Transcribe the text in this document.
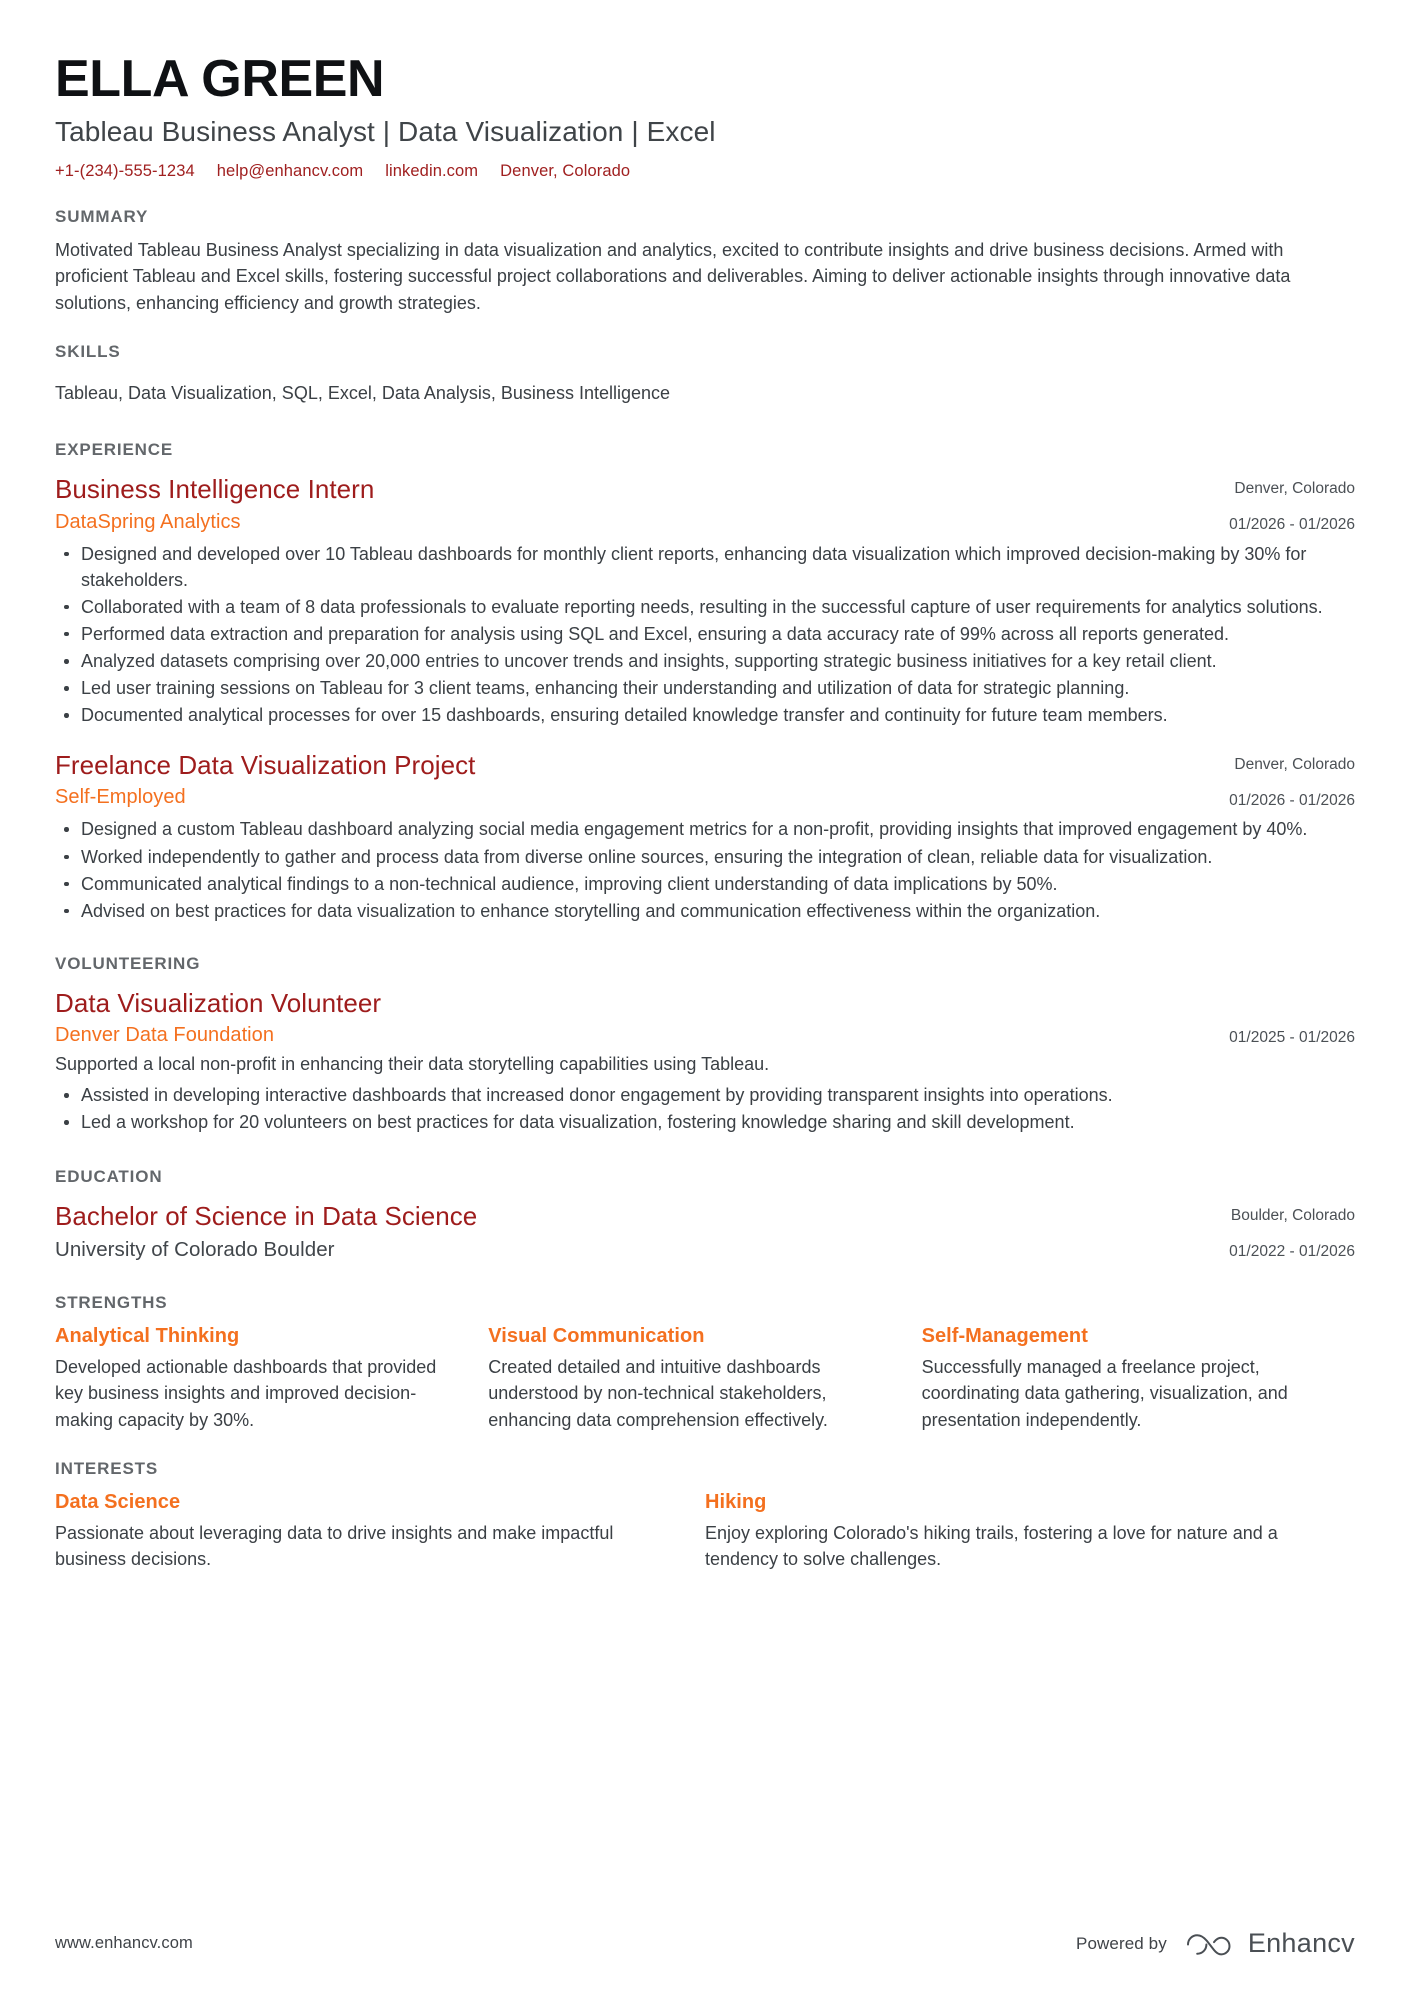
ELLA GREEN
Tableau Business Analyst | Data Visualization | Excel
+1-(234)-555-1234 help@enhancv.com linkedin.com Denver, Colorado
SUMMARY

Motivated Tableau Business Analyst specializing in data visualization and analytics, excited to contribute insights and drive business decisions. Armed with proficient Tableau and Excel skills, fostering successful project collaborations and deliverables. Aiming to deliver actionable insights through innovative data solutions, enhancing efficiency and growth strategies.

SKILLS

Tableau, Data Visualization, SQL, Excel, Data Analysis, Business Intelligence

EXPERIENCE
Business Intelligence Intern
DataSpring Analytics
Denver, Colorado
01/2026 - 01/2026
Designed and developed over 10 Tableau dashboards for monthly client reports, enhancing data visualization which improved decision-making by 30% for stakeholders.
Collaborated with a team of 8 data professionals to evaluate reporting needs, resulting in the successful capture of user requirements for analytics solutions.
Performed data extraction and preparation for analysis using SQL and Excel, ensuring a data accuracy rate of 99% across all reports generated.
Analyzed datasets comprising over 20,000 entries to uncover trends and insights, supporting strategic business initiatives for a key retail client.
Led user training sessions on Tableau for 3 client teams, enhancing their understanding and utilization of data for strategic planning.
Documented analytical processes for over 15 dashboards, ensuring detailed knowledge transfer and continuity for future team members.
Freelance Data Visualization Project
Self-Employed
Denver, Colorado
01/2026 - 01/2026
Designed a custom Tableau dashboard analyzing social media engagement metrics for a non-profit, providing insights that improved engagement by 40%.
Worked independently to gather and process data from diverse online sources, ensuring the integration of clean, reliable data for visualization.
Communicated analytical findings to a non-technical audience, improving client understanding of data implications by 50%.
Advised on best practices for data visualization to enhance storytelling and communication effectiveness within the organization.
VOLUNTEERING
Data Visualization Volunteer
Denver Data Foundation	01/2025 - 01/2026

Supported a local non-profit in enhancing their data storytelling capabilities using Tableau.

Assisted in developing interactive dashboards that increased donor engagement by providing transparent insights into operations.
Led a workshop for 20 volunteers on best practices for data visualization, fostering knowledge sharing and skill development.
EDUCATION
Bachelor of Science in Data Science
University of Colorado Boulder
Boulder, Colorado
01/2022 - 01/2026
STRENGTHS
Analytical Thinking
Developed actionable dashboards that provided key business insights and improved decision-making capacity by 30%.
Visual Communication
Created detailed and intuitive dashboards understood by non-technical stakeholders, enhancing data comprehension effectively.
Self-Management
Successfully managed a freelance project, coordinating data gathering, visualization, and presentation independently.
INTERESTS
Data Science
Passionate about leveraging data to drive insights and make impactful business decisions.
Hiking
Enjoy exploring Colorado's hiking trails, fostering a love for nature and a tendency to solve challenges.
www.enhancv.com	Powered by	Enhancv
